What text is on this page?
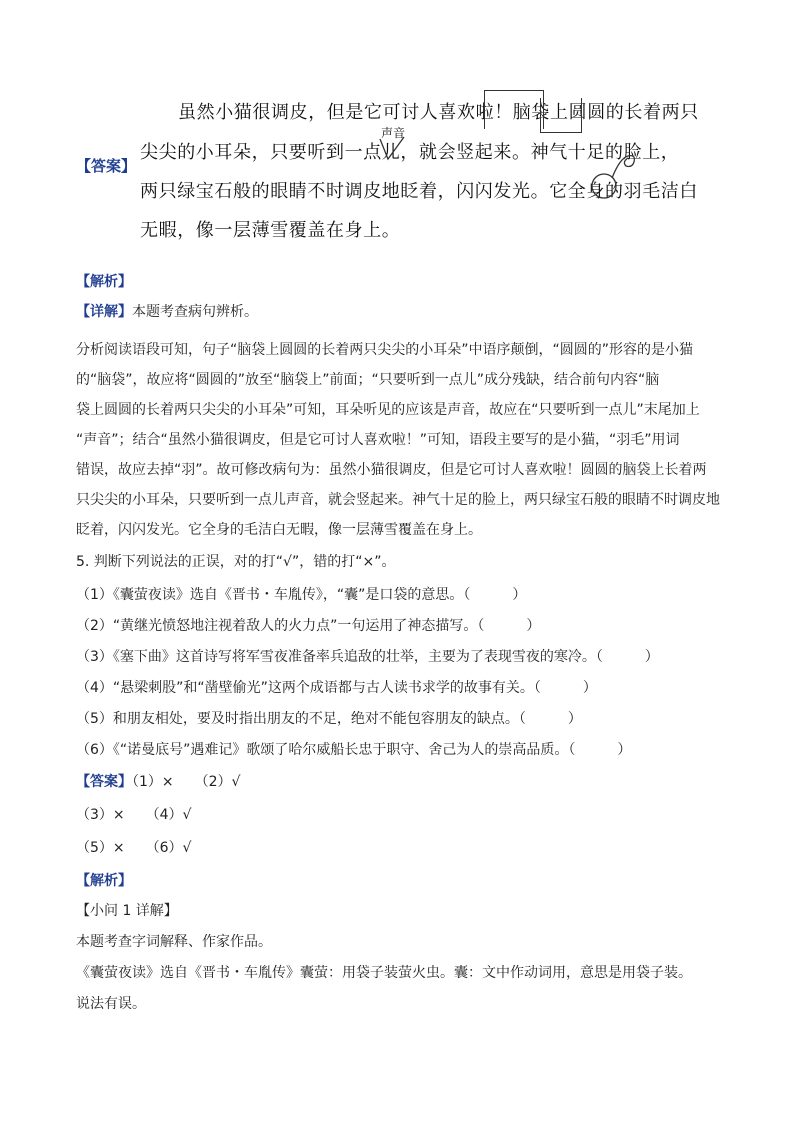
虽然小猫很调皮，但是它可讨人喜欢啦！脑袋上圆圆的长着两只
尖尖的小耳朵，只要听到一点儿，就会竖起来。神气十足的脸上，
两只绿宝石般的眼睛不时调皮地眨着，闪闪发光。它全身的羽毛洁白
无暇，像一层薄雪覆盖在身上。
【答案】
声音
【解析】
【详解】本题考查病句辨析。
分析阅读语段可知，句子“脑袋上圆圆的长着两只尖尖的小耳朵”中语序颠倒，“圆圆的”形容的是小猫
的“脑袋”，故应将“圆圆的”放至“脑袋上”前面；“只要听到一点儿”成分残缺，结合前句内容“脑
袋上圆圆的长着两只尖尖的小耳朵”可知，耳朵听见的应该是声音，故应在“只要听到一点儿”末尾加上
“声音”；结合“虽然小猫很调皮，但是它可讨人喜欢啦！”可知，语段主要写的是小猫，“羽毛”用词
错误，故应去掉“羽”。故可修改病句为：虽然小猫很调皮，但是它可讨人喜欢啦！圆圆的脑袋上长着两
只尖尖的小耳朵，只要听到一点儿声音，就会竖起来。神气十足的脸上，两只绿宝石般的眼睛不时调皮地
眨着，闪闪发光。它全身的毛洁白无暇，像一层薄雪覆盖在身上。
5. 判断下列说法的正误，对的打“√”，错的打“×”。
（1）《囊萤夜读》选自《晋书・车胤传》，“囊”是口袋的意思。（　　　）
（2）“黄继光愤怒地注视着敌人的火力点”一句运用了神态描写。（　　　）
（3）《塞下曲》这首诗写将军雪夜准备率兵追敌的壮举，主要为了表现雪夜的寒冷。（　　　）
（4）“悬梁刺股”和“凿壁偷光”这两个成语都与古人读书求学的故事有关。（　　　）
（5）和朋友相处，要及时指出朋友的不足，绝对不能包容朋友的缺点。（　　　）
（6）《“诺曼底号”遇难记》歌颂了哈尔威船长忠于职守、舍己为人的崇高品质。（　　　）
【答案】（1）×　　（2）√
（3）×　　（4）√
（5）×　　（6）√
【解析】
【小问 1 详解】
本题考查字词解释、作家作品。
《囊萤夜读》选自《晋书・车胤传》囊萤：用袋子装萤火虫。囊：文中作动词用，意思是用袋子装。
说法有误。
